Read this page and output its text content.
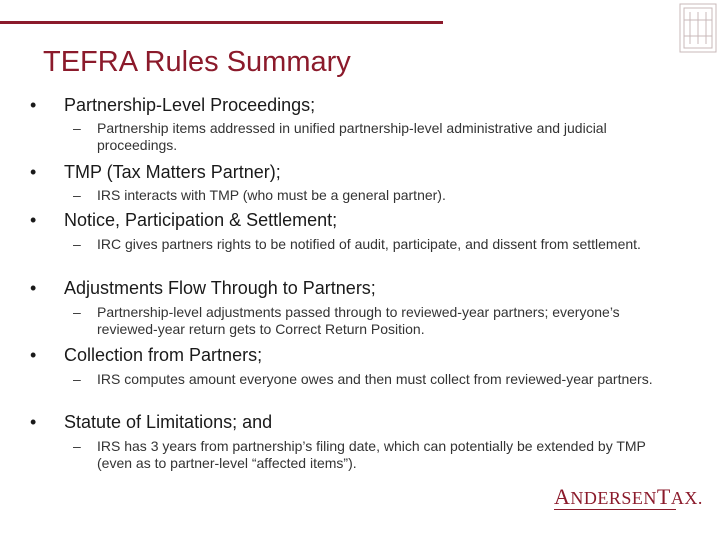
TEFRA Rules Summary
• Partnership-Level Proceedings;
–	Partnership items addressed in unified partnership-level administrative and judicial proceedings.
• TMP (Tax Matters Partner);
–	IRS interacts with TMP (who must be a general partner).
• Notice, Participation & Settlement;
–	IRC gives partners rights to be notified of audit, participate, and dissent from settlement.
• Adjustments Flow Through to Partners;
–	Partnership-level adjustments passed through to reviewed-year partners; everyone’s reviewed-year return gets to Correct Return Position.
• Collection from Partners;
–	IRS computes amount everyone owes and then must collect from reviewed-year partners.
• Statute of Limitations; and
–	IRS has 3 years from partnership’s filing date, which can potentially be extended by TMP (even as to partner-level “affected items”).
ANDERSENTAX.
